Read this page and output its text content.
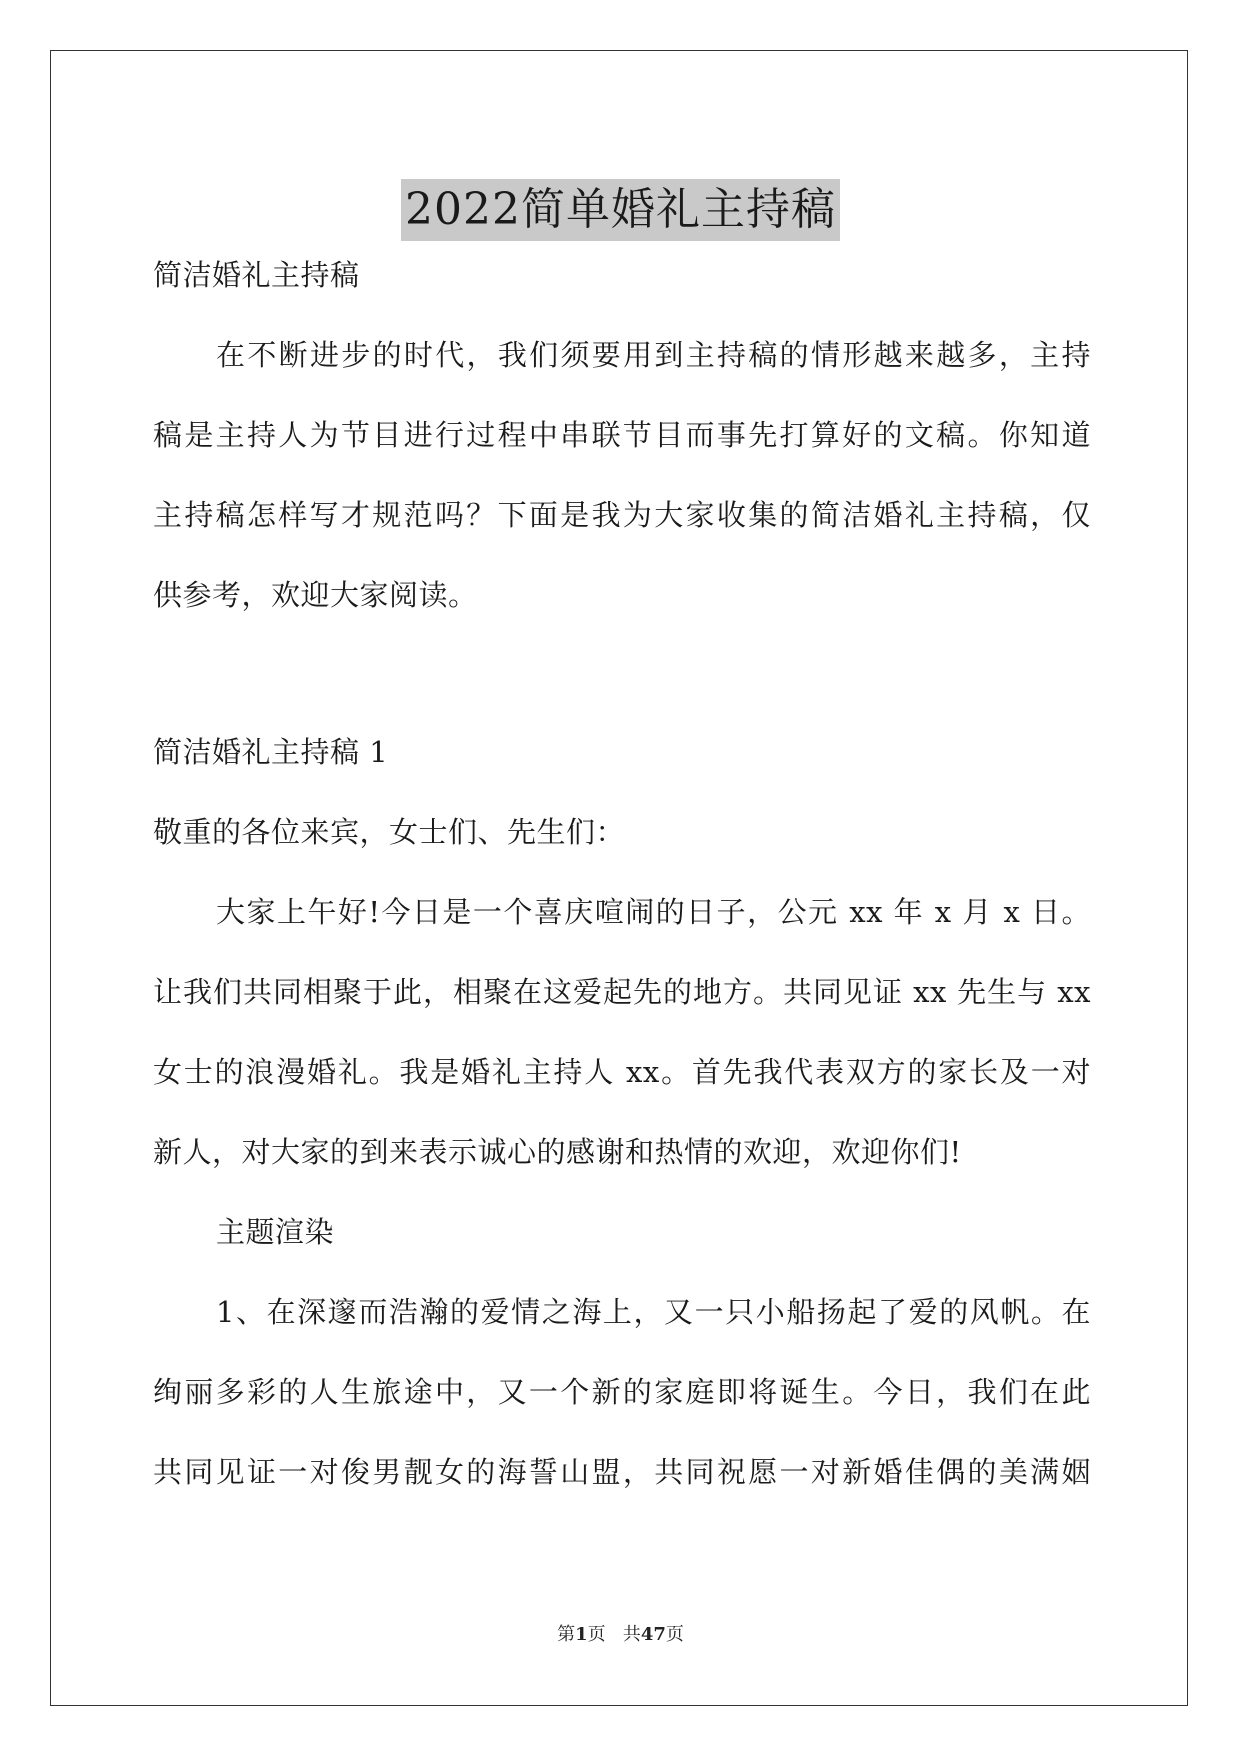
2022简单婚礼主持稿

简洁婚礼主持稿

在不断进步的时代，我们须要用到主持稿的情形越来越多，主持

稿是主持人为节目进行过程中串联节目而事先打算好的文稿。你知道

主持稿怎样写才规范吗？下面是我为大家收集的简洁婚礼主持稿，仅

供参考，欢迎大家阅读。

简洁婚礼主持稿 1

敬重的各位来宾，女士们、先生们：

大家上午好!今日是一个喜庆喧闹的日子，公元 xx 年 x 月 x 日。

让我们共同相聚于此，相聚在这爱起先的地方。共同见证 xx 先生与 xx

女士的浪漫婚礼。我是婚礼主持人 xx。首先我代表双方的家长及一对

新人，对大家的到来表示诚心的感谢和热情的欢迎，欢迎你们!

主题渲染

1、在深邃而浩瀚的爱情之海上，又一只小船扬起了爱的风帆。在

绚丽多彩的人生旅途中，又一个新的家庭即将诞生。今日，我们在此

共同见证一对俊男靓女的海誓山盟，共同祝愿一对新婚佳偶的美满姻

第1页 共47页
